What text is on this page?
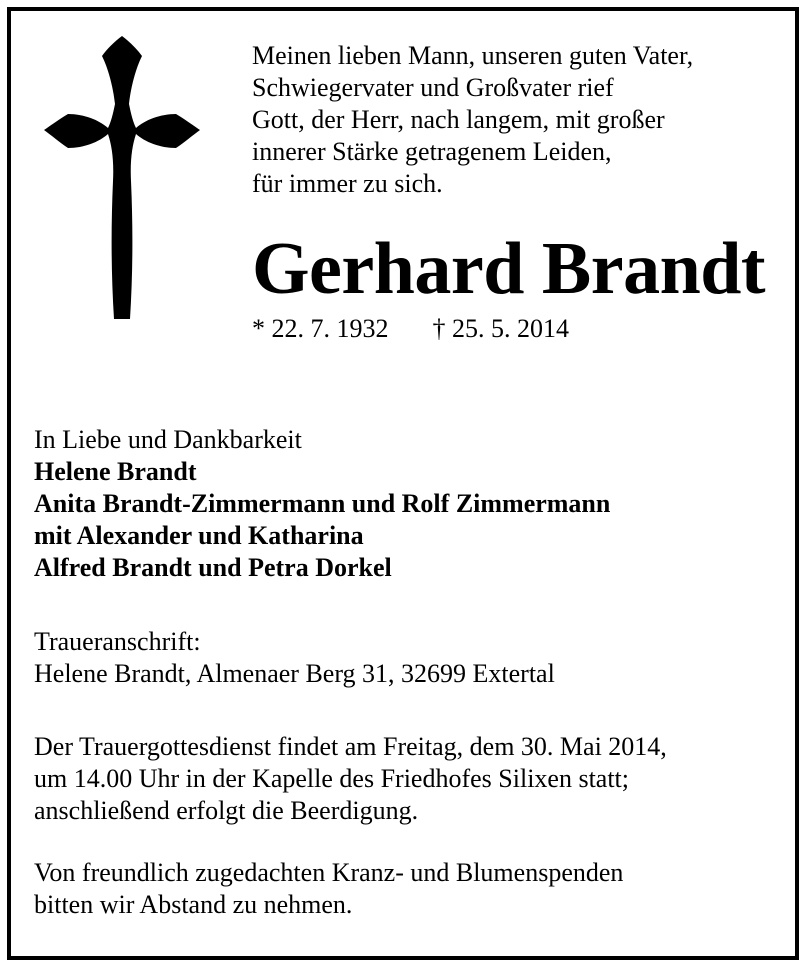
Meinen lieben Mann, unseren guten Vater,
Schwiegervater und Großvater rief
Gott, der Herr, nach langem, mit großer
innerer Stärke getragenem Leiden,
für immer zu sich.
Gerhard Brandt
* 22. 7. 1932 † 25. 5. 2014
In Liebe und Dankbarkeit
Helene Brandt
Anita Brandt-Zimmermann und Rolf Zimmermann
mit Alexander und Katharina
Alfred Brandt und Petra Dorkel
Traueranschrift:
Helene Brandt, Almenaer Berg 31, 32699 Extertal
Der Trauergottesdienst findet am Freitag, dem 30. Mai 2014,
um 14.00 Uhr in der Kapelle des Friedhofes Silixen statt;
anschließend erfolgt die Beerdigung.
Von freundlich zugedachten Kranz- und Blumenspenden
bitten wir Abstand zu nehmen.
